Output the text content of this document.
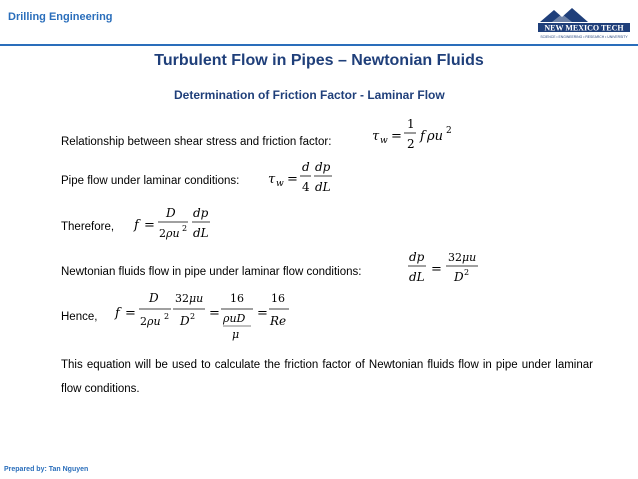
Drilling Engineering
NEW MEXICO TECH
SCIENCE • ENGINEERING • RESEARCH • UNIVERSITY
Turbulent Flow in Pipes – Newtonian Fluids
Determination of Friction Factor - Laminar Flow
Relationship between shear stress and friction factor:	τ w =
1
2 f ρu 2
Pipe flow under laminar conditions: τ w =
d
4
dp
dL
Therefore, f =
D
2 ρu 2
dp
dL
Newtonian fluids flow in pipe under laminar flow conditions:
dp
dL =
32 μu
D 2
Hence, f =
D
2 ρu 2
32 μu
D 2 =
16
ρuD
μ
=
16
Re
This equation will be used to calculate the friction factor of Newtonian fluids flow in pipe under laminar flow conditions.
Prepared by: Tan Nguyen
